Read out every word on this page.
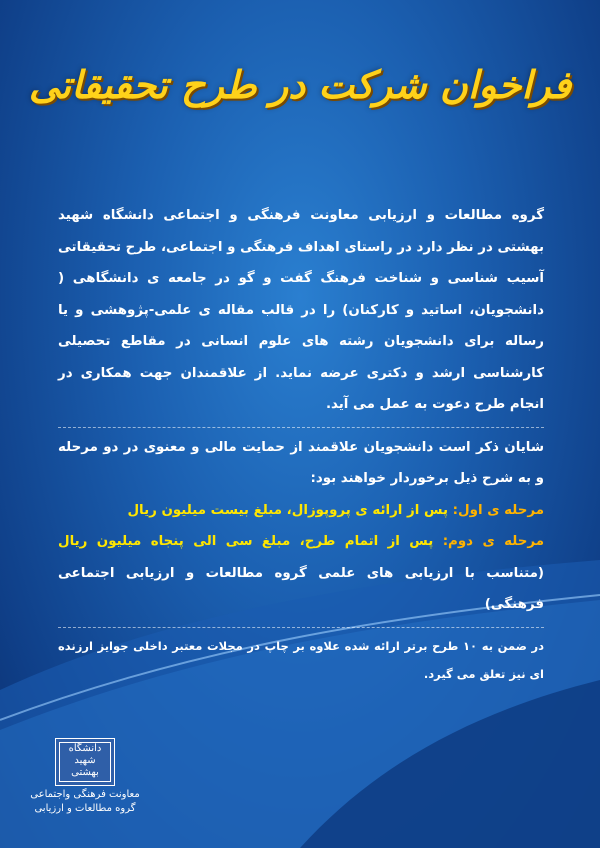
فراخوان شرکت در طرح تحقیقاتی

گروه مطالعات و ارزیابی معاونت فرهنگی و اجتماعی دانشگاه شهید بهشتی در نظر دارد در راستای اهداف فرهنگی و اجتماعی، طرح تحقیقاتی آسیب شناسی و شناخت فرهنگ گفت و گو در جامعه ی دانشگاهی ( دانشجویان، اساتید و کارکنان) را در قالب مقاله ی علمی-پژوهشی و یا رساله برای دانشجویان رشته های علوم انسانی در مقاطع تحصیلی کارشناسی ارشد و دکتری عرضه نماید. از علاقمندان جهت همکاری در انجام طرح دعوت به عمل می آید.

شایان ذکر است دانشجویان علاقمند از حمایت مالی و معنوی در دو مرحله و به شرح ذیل برخوردار خواهند بود:

مرحله ی اول: پس از ارائه ی پروپوزال، مبلغ بیست میلیون ریال

مرحله ی دوم: پس از اتمام طرح، مبلغ سی الی پنجاه میلیون ریال (متناسب با ارزیابی های علمی گروه مطالعات و ارزیابی اجتماعی فرهنگی)

در ضمن به ۱۰ طرح برتر ارائه شده علاوه بر چاپ در مجلات معتبر داخلی جوایز ارزنده ای نیز تعلق می گیرد.

دانشگاه شهید بهشتی
معاونت فرهنگی واجتماعی
گروه مطالعات و ارزیابی
